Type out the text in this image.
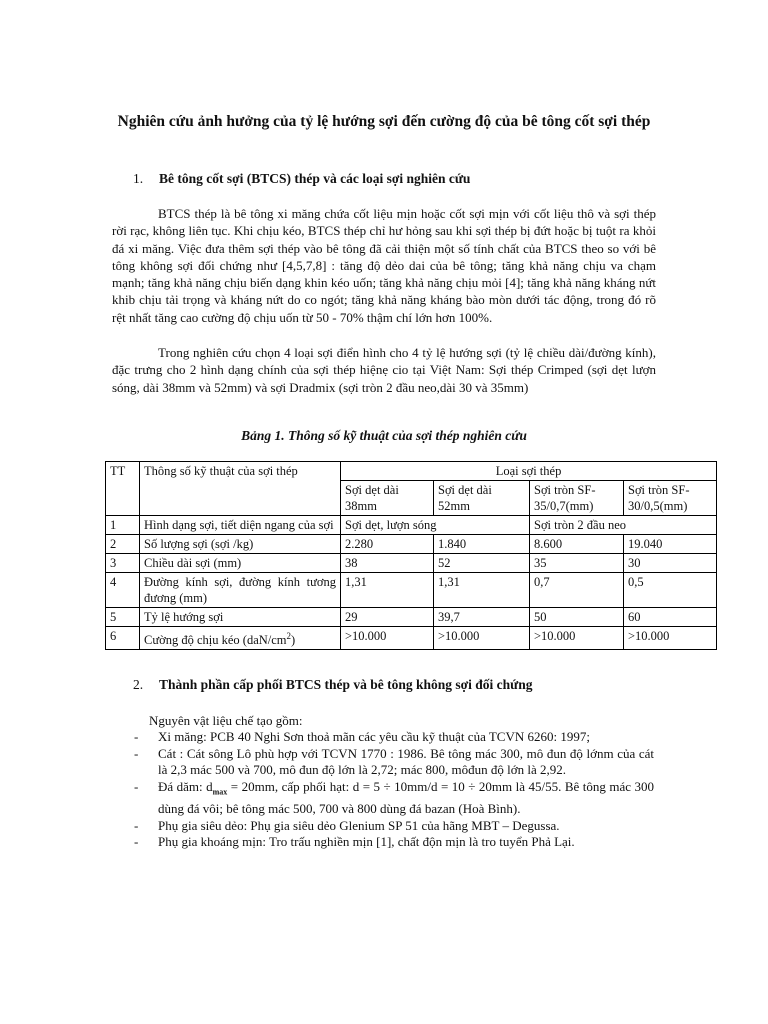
Nghiên cứu ảnh hưởng của tỷ lệ hướng sợi đến cường độ của bê tông cốt sợi thép
1. Bê tông cốt sợi (BTCS) thép và các loại sợi nghiên cứu
BTCS thép là bê tông xi măng chứa cốt liệu mịn hoặc cốt sợi mịn với cốt liệu thô và sợi thép rời rạc, không liên tục. Khi chịu kéo, BTCS thép chỉ hư hỏng sau khi sợi thép bị đứt hoặc bị tuột ra khỏi đá xi măng. Việc đưa thêm sợi thép vào bê tông đã cải thiện một số tính chất của BTCS theo so với bê tông không sợi đối chứng như [4,5,7,8] : tăng độ dẻo dai của bê tông; tăng khả năng chịu va chạm mạnh; tăng khả năng chịu biến dạng khin kéo uốn; tăng khả năng chịu mỏi [4]; tăng khả năng kháng nứt khib chịu tải trọng và kháng nứt do co ngót; tăng khả năng kháng bào mòn dưới tác động, trong đó rõ rệt nhất tăng cao cường độ chịu uốn từ 50 - 70% thậm chí lớn hơn 100%.
Trong nghiên cứu chọn 4 loại sợi điển hình cho 4 tỷ lệ hướng sợi (tỷ lệ chiều dài/đường kính), đặc trưng cho 2 hình dạng chính của sợi thép hiệnẹ cio tại Việt Nam: Sợi thép Crimped (sợi dẹt lượn sóng, dài 38mm và 52mm) và sợi Dradmix (sợi tròn 2 đầu neo,dài 30 và 35mm)
Bảng 1. Thông số kỹ thuật của sợi thép nghiên cứu
TT	Thông số kỹ thuật của sợi thép	Loại sợi thép			
		Sợi dẹt dài 38mm	Sợi dẹt dài 52mm	Sợi tròn SF-35/0,7(mm)	Sợi tròn SF-30/0,5(mm)
1	Hình dạng sợi, tiết diện ngang của sợi	Sợi dẹt, lượn sóng		Sợi tròn 2 đầu neo	
2	Số lượng sợi (sợi /kg)	2.280	1.840	8.600	19.040
3	Chiều dài sợi (mm)	38	52	35	30
4	Đường kính sợi, đường kính tương đương (mm)	1,31	1,31	0,7	0,5
5	Tỷ lệ hướng sợi	29	39,7	50	60
6	Cường độ chịu kéo $(daN/cm^2)$	>10.000	>10.000	>10.000	>10.000
2. Thành phần cấp phối BTCS thép và bê tông không sợi đối chứng
Nguyên vật liệu chế tạo gồm:
- Xi măng: PCB 40 Nghi Sơn thoả mãn các yêu cầu kỹ thuật của TCVN 6260: 1997;
- Cát : Cát sông Lô phù hợp với TCVN 1770 : 1986. Bê tông mác 300, mô đun độ lớnm của cát là 2,3 mác 500 và 700, mô đun độ lớn là 2,72; mác 800, môđun độ lớn là 2,92.
- Đá dăm: $d_{max} = 20mm$, cấp phối hạt: d = 5 ÷ 10mm/d = 10 ÷ 20mm là 45/55. Bê tông mác 300 dùng đá vôi; bê tông mác 500, 700 và 800 dùng đá bazan (Hoà Bình).
- Phụ gia siêu dẻo: Phụ gia siêu dẻo Glenium SP 51 của hãng MBT – Degussa.
- Phụ gia khoáng mịn: Tro trấu nghiền mịn [1], chất độn mịn là tro tuyển Phả Lại.
